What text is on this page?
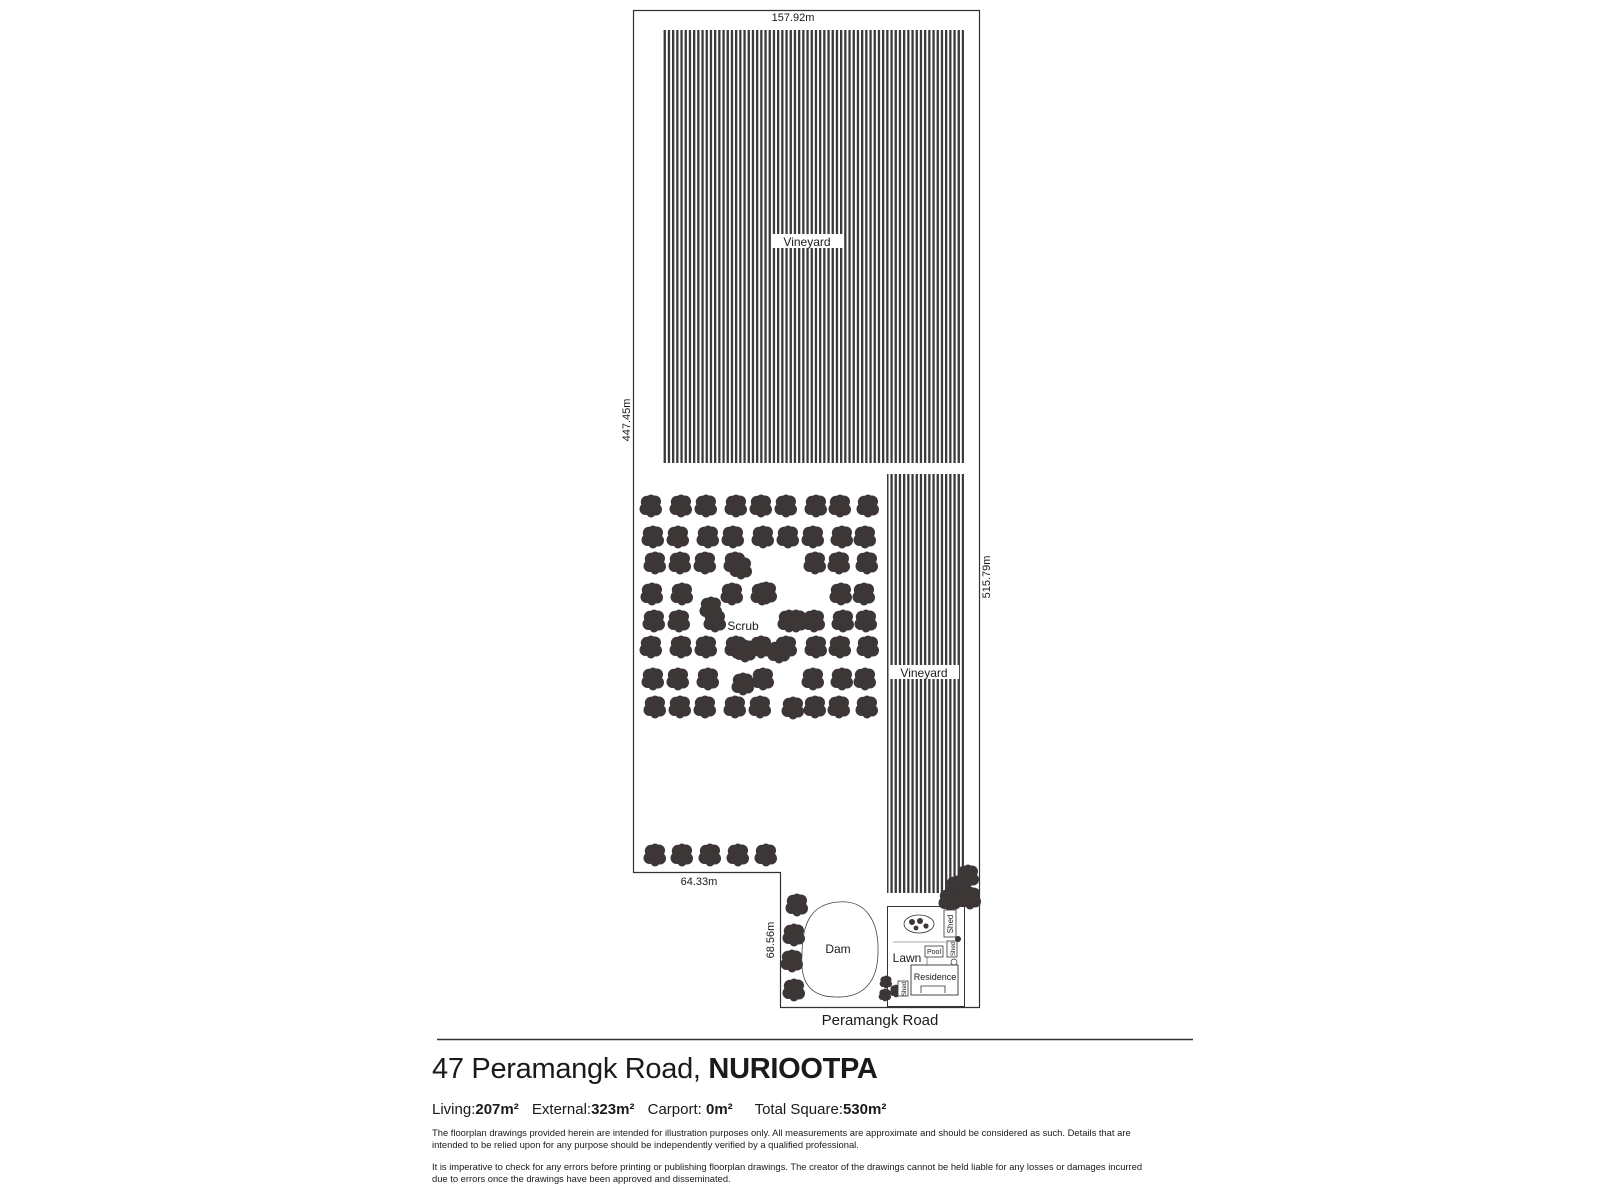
Vineyard
Vineyard
Scrub
157.92m
447.45m
515.79m
64.33m
68.56m	Dam
Shed
Shed
Pool
Lawn
Residence
Shed
Peramangk Road
47 Peramangk Road, NURIOOTPA
Living:207m² External:323m² Carport: 0m² Total Square:530m²

The floorplan drawings provided herein are intended for illustration purposes only. All measurements are approximate and should be considered as such. Details that are intended to be relied upon for any purpose should be independently verified by a qualified professional.

It is imperative to check for any errors before printing or publishing floorplan drawings. The creator of the drawings cannot be held liable for any losses or damages incurred due to errors once the drawings have been approved and disseminated.
